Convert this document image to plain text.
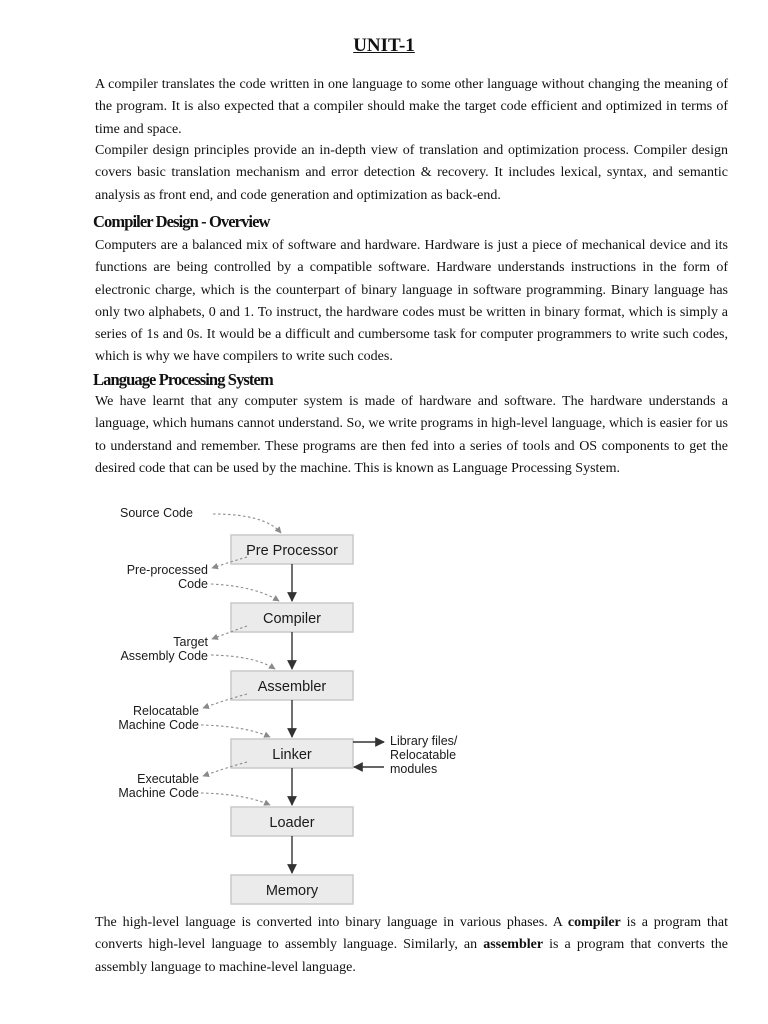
UNIT-1

A compiler translates the code written in one language to some other language without changing the meaning of the program. It is also expected that a compiler should make the target code efficient and optimized in terms of time and space.

Compiler design principles provide an in-depth view of translation and optimization process. Compiler design covers basic translation mechanism and error detection & recovery. It includes lexical, syntax, and semantic analysis as front end, and code generation and optimization as back-end.

Compiler Design - Overview

Computers are a balanced mix of software and hardware. Hardware is just a piece of mechanical device and its functions are being controlled by a compatible software. Hardware understands instructions in the form of electronic charge, which is the counterpart of binary language in software programming. Binary language has only two alphabets, 0 and 1. To instruct, the hardware codes must be written in binary format, which is simply a series of 1s and 0s. It would be a difficult and cumbersome task for computer programmers to write such codes, which is why we have compilers to write such codes.

Language Processing System

We have learnt that any computer system is made of hardware and software. The hardware understands a language, which humans cannot understand. So, we write programs in high-level language, which is easier for us to understand and remember. These programs are then fed into a series of tools and OS components to get the desired code that can be used by the machine. This is known as Language Processing System.

Pre Processor
Compiler
Assembler
Linker
Loader
Memory
Source Code
Pre-processed
Code
Target
Assembly Code
Relocatable
Machine Code
Executable
Machine Code
Library files/
Relocatable
modules

The high-level language is converted into binary language in various phases. A compiler is a program that converts high-level language to assembly language. Similarly, an assembler is a program that converts the assembly language to machine-level language.
